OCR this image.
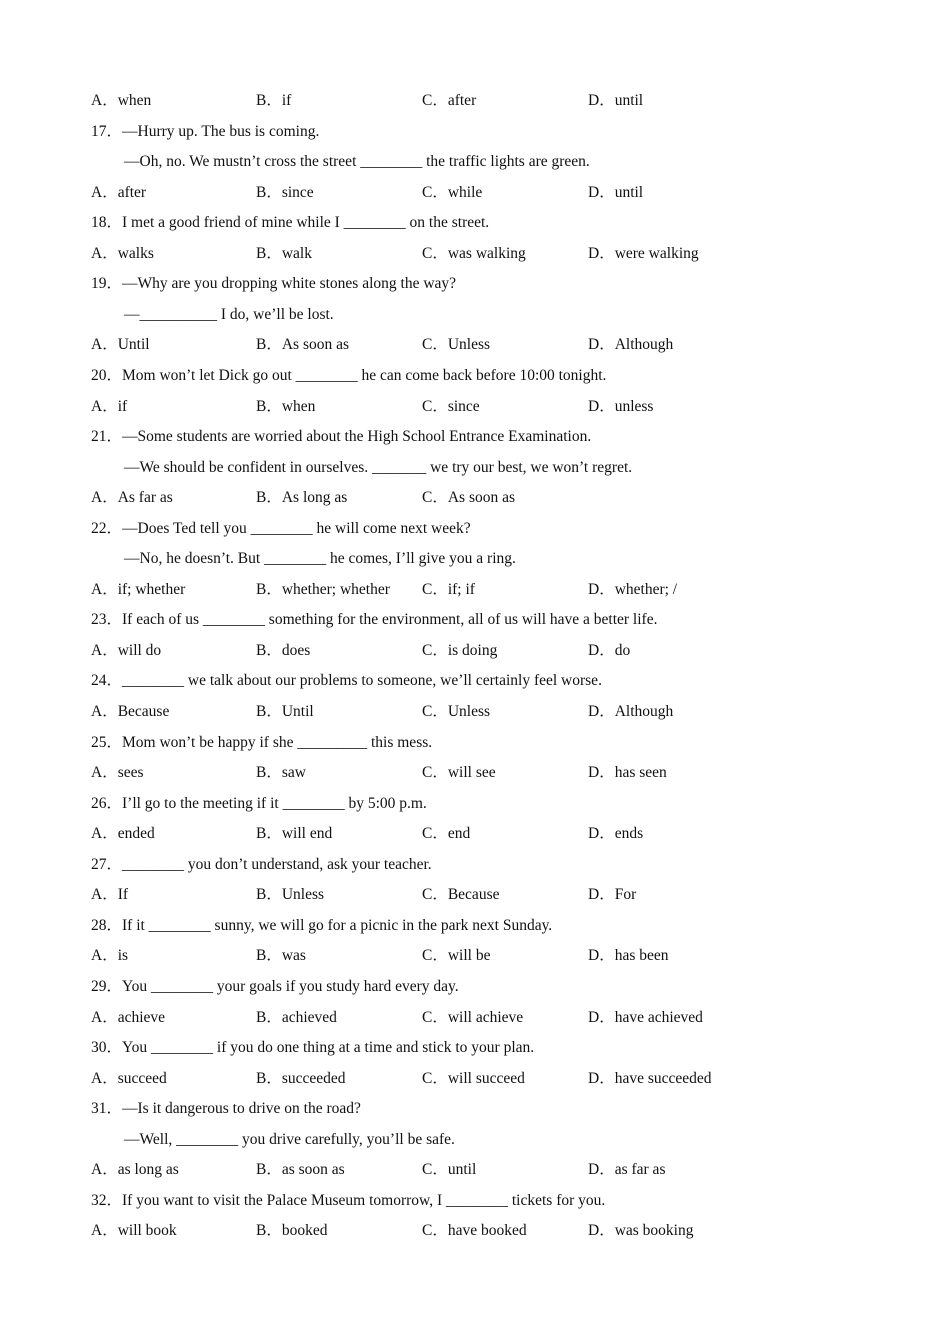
A．when	B．if	C．after	D．until
17．—Hurry up. The bus is coming.
—Oh, no. We mustn’t cross the street ________ the traffic lights are green.
A．after	B．since	C．while	D．until
18．I met a good friend of mine while I ________ on the street.
A．walks	B．walk	C．was walking	D．were walking
19．—Why are you dropping white stones along the way?
—__________ I do, we’ll be lost.
A．Until	B．As soon as	C．Unless	D．Although
20．Mom won’t let Dick go out ________ he can come back before 10:00 tonight.
A．if	B．when	C．since	D．unless
21．—Some students are worried about the High School Entrance Examination.
—We should be confident in ourselves. _______ we try our best, we won’t regret.
A．As far as	B．As long as	C．As soon as
22．—Does Ted tell you ________ he will come next week?
—No, he doesn’t. But ________ he comes, I’ll give you a ring.
A．if; whether	B．whether; whether C．if; if	D．whether; /
23．If each of us ________ something for the environment, all of us will have a better life.
A．will do	B．does	C．is doing	D．do
24．________ we talk about our problems to someone, we’ll certainly feel worse.
A．Because	B．Until	C．Unless	D．Although
25．Mom won’t be happy if she _________ this mess.
A．sees	B．saw	C．will see	D．has seen
26．I’ll go to the meeting if it ________ by 5:00 p.m.
A．ended	B．will end	C．end	D．ends
27．________ you don’t understand, ask your teacher.
A．If	B．Unless	C．Because	D．For
28．If it ________ sunny, we will go for a picnic in the park next Sunday.
A．is	B．was	C．will be	D．has been
29．You ________ your goals if you study hard every day.
A．achieve	B．achieved	C．will achieve	D．have achieved
30．You ________ if you do one thing at a time and stick to your plan.
A．succeed	B．succeeded	C．will succeed	D．have succeeded
31．—Is it dangerous to drive on the road?
—Well, ________ you drive carefully, you’ll be safe.
A．as long as	B．as soon as	C．until	D．as far as
32．If you want to visit the Palace Museum tomorrow, I ________ tickets for you.
A．will book	B．booked	C．have booked	D．was booking
